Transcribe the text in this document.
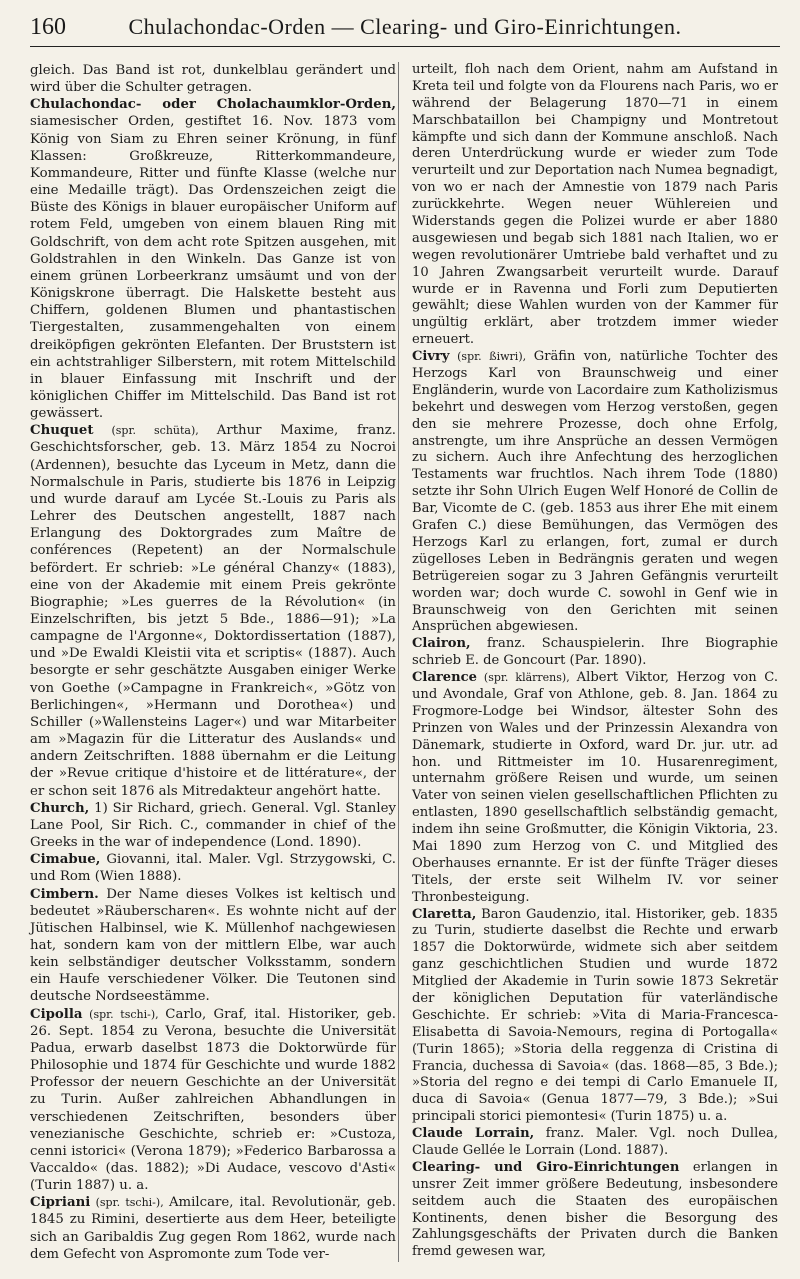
160	Chulachondac-Orden — Clearing- und Giro-Einrichtungen.

gleich. Das Band ist rot, dunkelblau gerändert und wird über die Schulter getragen.

Chulachondac- oder Cholachaumklor-Orden, siamesischer Orden, gestiftet 16. Nov. 1873 vom König von Siam zu Ehren seiner Krönung, in fünf Klassen: Großkreuze, Ritterkommandeure, Kommandeure, Ritter und fünfte Klasse (welche nur eine Medaille trägt). Das Ordenszeichen zeigt die Büste des Königs in blauer europäischer Uniform auf rotem Feld, umgeben von einem blauen Ring mit Goldschrift, von dem acht rote Spitzen ausgehen, mit Goldstrahlen in den Winkeln. Das Ganze ist von einem grünen Lorbeerkranz umsäumt und von der Königskrone überragt. Die Halskette besteht aus Chiffern, goldenen Blumen und phantastischen Tiergestalten, zusammengehalten von einem dreiköpfigen gekrönten Elefanten. Der Bruststern ist ein achtstrahliger Silberstern, mit rotem Mittelschild in blauer Einfassung mit Inschrift und der königlichen Chiffer im Mittelschild. Das Band ist rot gewässert.

Chuquet (spr. schüta), Arthur Maxime, franz. Geschichtsforscher, geb. 13. März 1854 zu Nocroi (Ardennen), besuchte das Lyceum in Metz, dann die Normalschule in Paris, studierte bis 1876 in Leipzig und wurde darauf am Lycée St.-Louis zu Paris als Lehrer des Deutschen angestellt, 1887 nach Erlangung des Doktorgrades zum Maître de conférences (Repetent) an der Normalschule befördert. Er schrieb: »Le général Chanzy« (1883), eine von der Akademie mit einem Preis gekrönte Biographie; »Les guerres de la Révolution« (in Einzelschriften, bis jetzt 5 Bde., 1886—91); »La campagne de l'Argonne«, Doktordissertation (1887), und »De Ewaldi Kleistii vita et scriptis« (1887). Auch besorgte er sehr geschätzte Ausgaben einiger Werke von Goethe (»Campagne in Frankreich«, »Götz von Berlichingen«, »Hermann und Dorothea«) und Schiller (»Wallensteins Lager«) und war Mitarbeiter am »Magazin für die Litteratur des Auslands« und andern Zeitschriften. 1888 übernahm er die Leitung der »Revue critique d'histoire et de littérature«, der er schon seit 1876 als Mitredakteur angehört hatte.

Church, 1) Sir Richard, griech. General. Vgl. Stanley Lane Pool, Sir Rich. C., commander in chief of the Greeks in the war of independence (Lond. 1890).

Cimabue, Giovanni, ital. Maler. Vgl. Strzygowski, C. und Rom (Wien 1888).

Cimbern. Der Name dieses Volkes ist keltisch und bedeutet »Räuberscharen«. Es wohnte nicht auf der Jütischen Halbinsel, wie K. Müllenhof nachgewiesen hat, sondern kam von der mittlern Elbe, war auch kein selbständiger deutscher Volksstamm, sondern ein Haufe verschiedener Völker. Die Teutonen sind deutsche Nordseestämme.

Cipolla (spr. tschi-), Carlo, Graf, ital. Historiker, geb. 26. Sept. 1854 zu Verona, besuchte die Universität Padua, erwarb daselbst 1873 die Doktorwürde für Philosophie und 1874 für Geschichte und wurde 1882 Professor der neuern Geschichte an der Universität zu Turin. Außer zahlreichen Abhandlungen in verschiedenen Zeitschriften, besonders über venezianische Geschichte, schrieb er: »Custoza, cenni istorici« (Verona 1879); »Federico Barbarossa a Vaccaldo« (das. 1882); »Di Audace, vescovo d'Asti« (Turin 1887) u. a.

Cipriani (spr. tschi-), Amilcare, ital. Revolutionär, geb. 1845 zu Rimini, desertierte aus dem Heer, beteiligte sich an Garibaldis Zug gegen Rom 1862, wurde nach dem Gefecht von Aspromonte zum Tode ver-

urteilt, floh nach dem Orient, nahm am Aufstand in Kreta teil und folgte von da Flourens nach Paris, wo er während der Belagerung 1870—71 in einem Marschbataillon bei Champigny und Montretout kämpfte und sich dann der Kommune anschloß. Nach deren Unterdrückung wurde er wieder zum Tode verurteilt und zur Deportation nach Numea begnadigt, von wo er nach der Amnestie von 1879 nach Paris zurückkehrte. Wegen neuer Wühlereien und Widerstands gegen die Polizei wurde er aber 1880 ausgewiesen und begab sich 1881 nach Italien, wo er wegen revolutionärer Umtriebe bald verhaftet und zu 10 Jahren Zwangsarbeit verurteilt wurde. Darauf wurde er in Ravenna und Forli zum Deputierten gewählt; diese Wahlen wurden von der Kammer für ungültig erklärt, aber trotzdem immer wieder erneuert.

Civry (spr. ßiwri), Gräfin von, natürliche Tochter des Herzogs Karl von Braunschweig und einer Engländerin, wurde von Lacordaire zum Katholizismus bekehrt und deswegen vom Herzog verstoßen, gegen den sie mehrere Prozesse, doch ohne Erfolg, anstrengte, um ihre Ansprüche an dessen Vermögen zu sichern. Auch ihre Anfechtung des herzoglichen Testaments war fruchtlos. Nach ihrem Tode (1880) setzte ihr Sohn Ulrich Eugen Welf Honoré de Collin de Bar, Vicomte de C. (geb. 1853 aus ihrer Ehe mit einem Grafen C.) diese Bemühungen, das Vermögen des Herzogs Karl zu erlangen, fort, zumal er durch zügelloses Leben in Bedrängnis geraten und wegen Betrügereien sogar zu 3 Jahren Gefängnis verurteilt worden war; doch wurde C. sowohl in Genf wie in Braunschweig von den Gerichten mit seinen Ansprüchen abgewiesen.

Clairon, franz. Schauspielerin. Ihre Biographie schrieb E. de Goncourt (Par. 1890).

Clarence (spr. klärrens), Albert Viktor, Herzog von C. und Avondale, Graf von Athlone, geb. 8. Jan. 1864 zu Frogmore-Lodge bei Windsor, ältester Sohn des Prinzen von Wales und der Prinzessin Alexandra von Dänemark, studierte in Oxford, ward Dr. jur. utr. ad hon. und Rittmeister im 10. Husarenregiment, unternahm größere Reisen und wurde, um seinen Vater von seinen vielen gesellschaftlichen Pflichten zu entlasten, 1890 gesellschaftlich selbständig gemacht, indem ihn seine Großmutter, die Königin Viktoria, 23. Mai 1890 zum Herzog von C. und Mitglied des Oberhauses ernannte. Er ist der fünfte Träger dieses Titels, der erste seit Wilhelm IV. vor seiner Thronbesteigung.

Claretta, Baron Gaudenzio, ital. Historiker, geb. 1835 zu Turin, studierte daselbst die Rechte und erwarb 1857 die Doktorwürde, widmete sich aber seitdem ganz geschichtlichen Studien und wurde 1872 Mitglied der Akademie in Turin sowie 1873 Sekretär der königlichen Deputation für vaterländische Geschichte. Er schrieb: »Vita di Maria-Francesca-Elisabetta di Savoia-Nemours, regina di Portogalla« (Turin 1865); »Storia della reggenza di Cristina di Francia, duchessa di Savoia« (das. 1868—85, 3 Bde.); »Storia del regno e dei tempi di Carlo Emanuele II, duca di Savoia« (Genua 1877—79, 3 Bde.); »Sui principali storici piemontesi« (Turin 1875) u. a.

Claude Lorrain, franz. Maler. Vgl. noch Dullea, Claude Gellée le Lorrain (Lond. 1887).

Clearing- und Giro-Einrichtungen erlangen in unsrer Zeit immer größere Bedeutung, insbesondere seitdem auch die Staaten des europäischen Kontinents, denen bisher die Besorgung des Zahlungsgeschäfts der Privaten durch die Banken fremd gewesen war,
